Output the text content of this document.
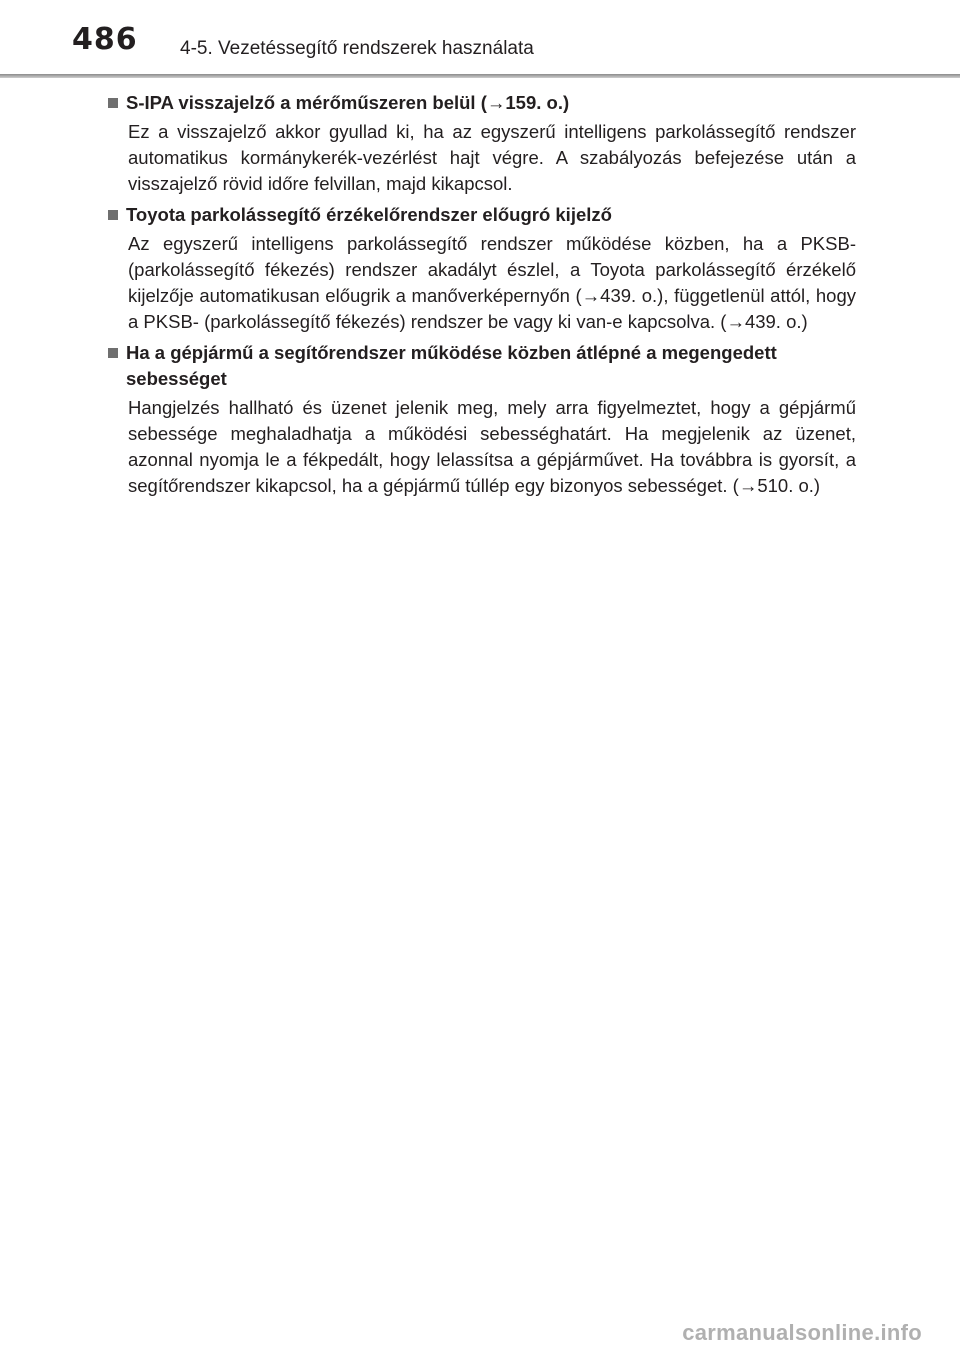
486 4-5. Vezetéssegítő rendszerek használata
S-IPA visszajelző a mérőműszeren belül (→159. o.)

Ez a visszajelző akkor gyullad ki, ha az egyszerű intelligens parkolássegítő rendszer automatikus kormánykerék-vezérlést hajt végre. A szabályozás befejezése után a visszajelző rövid időre felvillan, majd kikapcsol.

Toyota parkolássegítő érzékelőrendszer előugró kijelző

Az egyszerű intelligens parkolássegítő rendszer működése közben, ha a PKSB- (parkolássegítő fékezés) rendszer akadályt észlel, a Toyota parkolássegítő érzékelő kijelzője automatikusan előugrik a manőverképernyőn (→439. o.), függetlenül attól, hogy a PKSB- (parkolássegítő fékezés) rendszer be vagy ki van-e kapcsolva. (→439. o.)

Ha a gépjármű a segítőrendszer működése közben átlépné a megengedett sebességet

Hangjelzés hallható és üzenet jelenik meg, mely arra figyelmeztet, hogy a gépjármű sebessége meghaladhatja a működési sebességhatárt. Ha megjelenik az üzenet, azonnal nyomja le a fékpedált, hogy lelassítsa a gépjárművet. Ha továbbra is gyorsít, a segítőrendszer kikapcsol, ha a gépjármű túllép egy bizonyos sebességet. (→510. o.)

carmanualsonline.info
